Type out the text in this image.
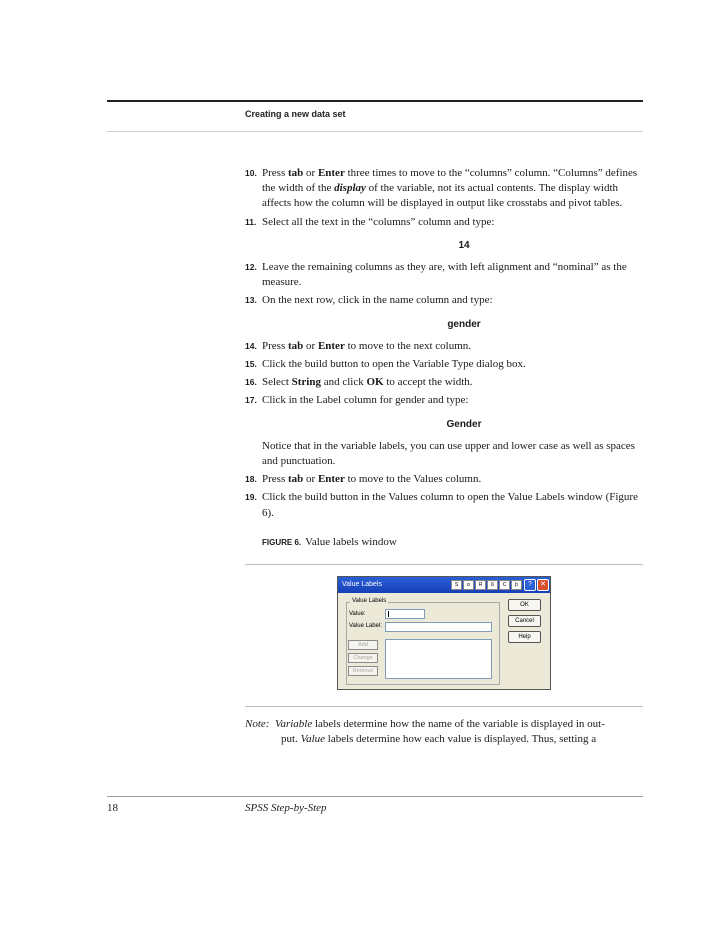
Creating a new data set
10. Press tab or Enter three times to move to the “columns” column. “Columns” defines the width of the display of the variable, not its actual contents. The display width affects how the column will be displayed in output like crosstabs and pivot tables.
11. Select all the text in the “columns” column and type:
14
12. Leave the remaining columns as they are, with left alignment and “nominal” as the measure.
13. On the next row, click in the name column and type:
gender
14. Press tab or Enter to move to the next column.
15. Click the build button to open the Variable Type dialog box.
16. Select String and click OK to accept the width.
17. Click in the Label column for gender and type:
Gender
Notice that in the variable labels, you can use upper and lower case as well as spaces and punctuation.
18. Press tab or Enter to move to the Values column.
19. Click the build button in the Values column to open the Value Labels window (Figure 6).
FIGURE 6. Value labels window
Value Labels	S	α	R	ß	C	þ	?	✕
Value Labels
Value:
Value Label:
Add
Change
Remove
OK
Cancel
Help
Note: Variable labels determine how the name of the variable is displayed in out-
put. Value labels determine how each value is displayed. Thus, setting a
18	SPSS Step-by-Step
